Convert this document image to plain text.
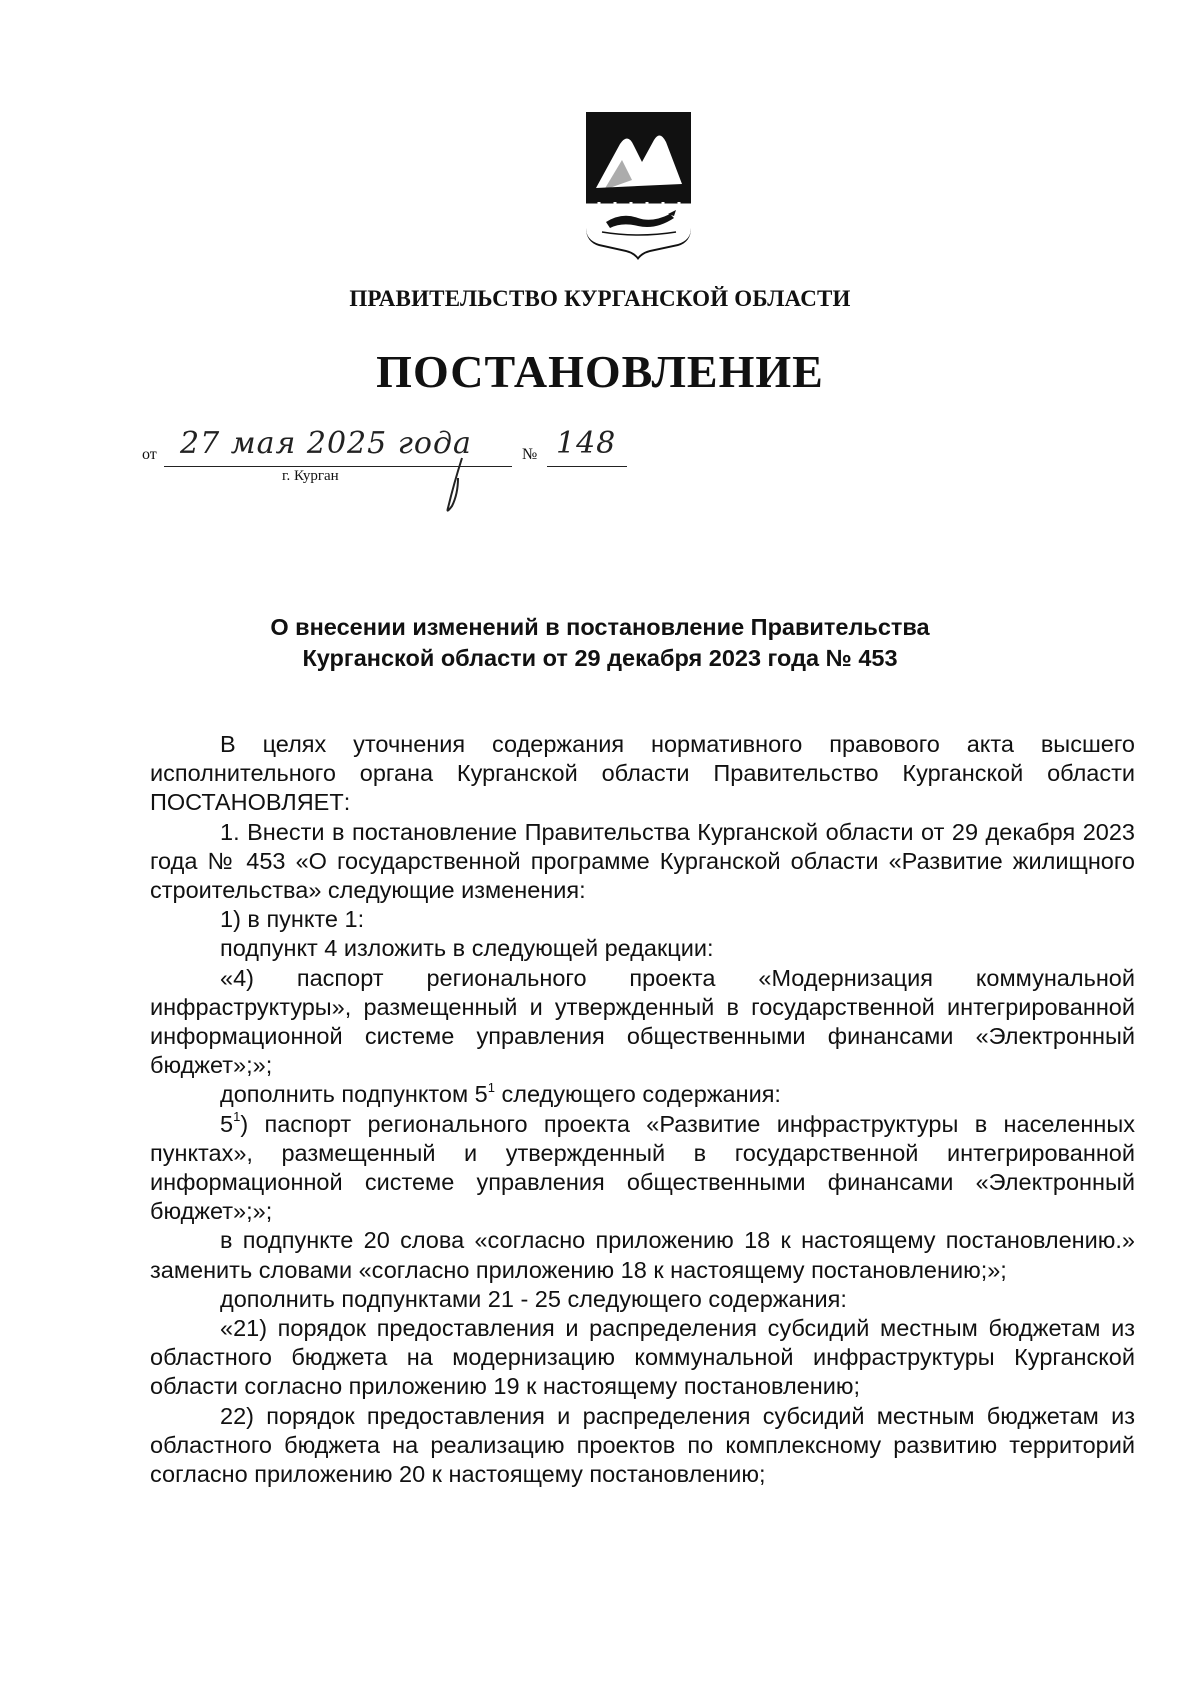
ПРАВИТЕЛЬСТВО КУРГАНСКОЙ ОБЛАСТИ
ПОСТАНОВЛЕНИЕ
от 27 мая 2025 года	№ 148
г. Курган
О внесении изменений в постановление Правительства
Курганской области от 29 декабря 2023 года № 453

В целях уточнения содержания нормативного правового акта высшего исполнительного органа Курганской области Правительство Курганской области ПОСТАНОВЛЯЕТ:

1. Внести в постановление Правительства Курганской области от 29 декабря 2023 года № 453 «О государственной программе Курганской области «Развитие жилищного строительства» следующие изменения:

1) в пункте 1:

подпункт 4 изложить в следующей редакции:

«4) паспорт регионального проекта «Модернизация коммунальной инфраструктуры», размещенный и утвержденный в государственной интегрированной информационной системе управления общественными финансами «Электронный бюджет»;»;

дополнить подпунктом $5^1$ следующего содержания:

$5^1$) паспорт регионального проекта «Развитие инфраструктуры в населенных пунктах», размещенный и утвержденный в государственной интегрированной информационной системе управления общественными финансами «Электронный бюджет»;»;

в подпункте 20 слова «согласно приложению 18 к настоящему постановлению.» заменить словами «согласно приложению 18 к настоящему постановлению;»;

дополнить подпунктами 21 - 25 следующего содержания:

«21) порядок предоставления и распределения субсидий местным бюджетам из областного бюджета на модернизацию коммунальной инфраструктуры Курганской области согласно приложению 19 к настоящему постановлению;

22) порядок предоставления и распределения субсидий местным бюджетам из областного бюджета на реализацию проектов по комплексному развитию территорий согласно приложению 20 к настоящему постановлению;
